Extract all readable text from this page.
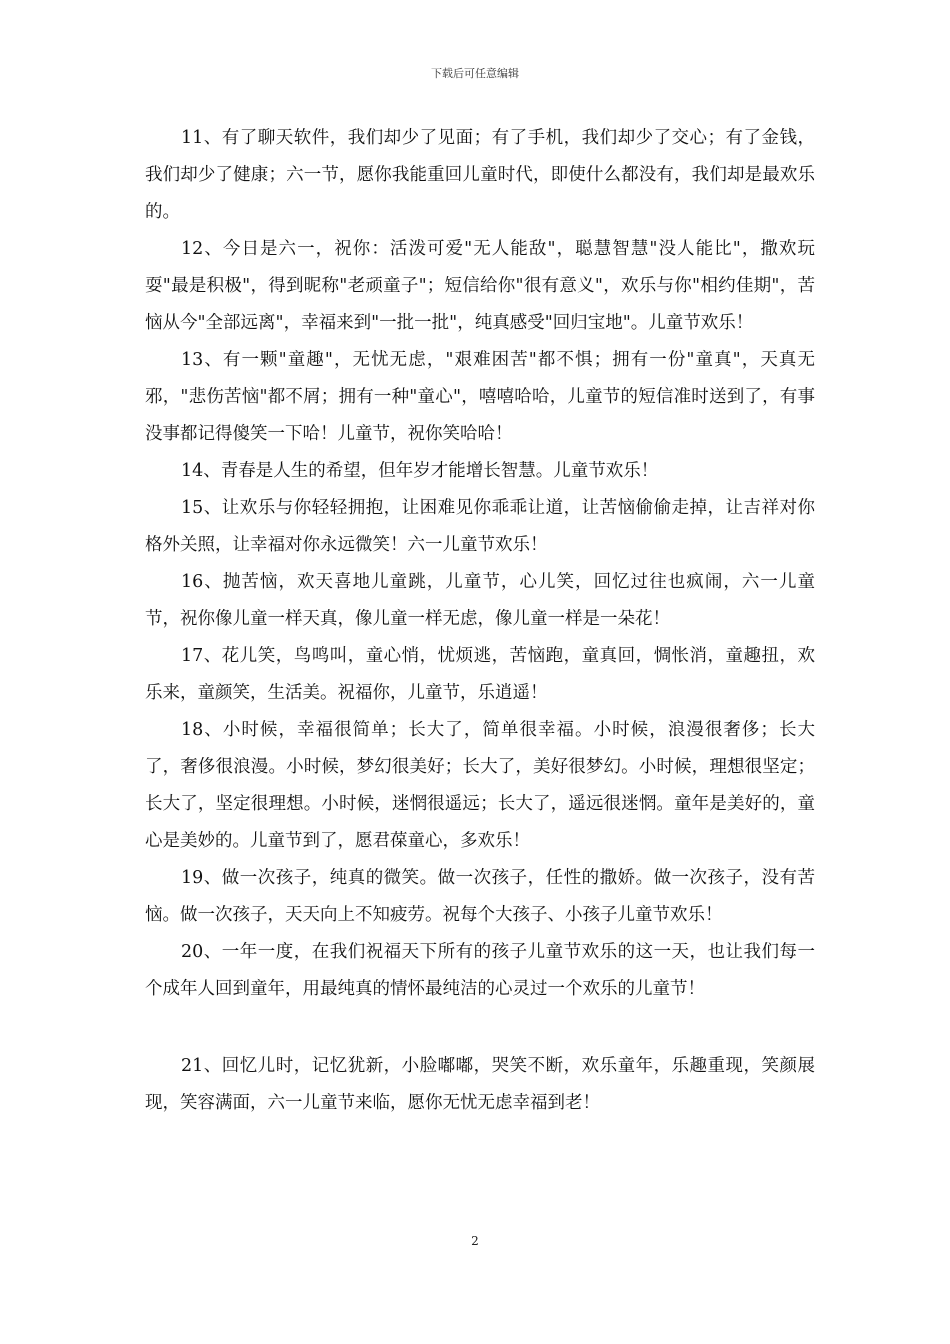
下载后可任意编辑

11、有了聊天软件，我们却少了见面；有了手机，我们却少了交心；有了金钱，我们却少了健康；六一节，愿你我能重回儿童时代，即使什么都没有，我们却是最欢乐的。

12、今日是六一，祝你：活泼可爱"无人能敌"，聪慧智慧"没人能比"，撒欢玩耍"最是积极"，得到昵称"老顽童子"；短信给你"很有意义"，欢乐与你"相约佳期"，苦恼从今"全部远离"，幸福来到"一批一批"，纯真感受"回归宝地"。儿童节欢乐！

13、有一颗"童趣"，无忧无虑，"艰难困苦"都不惧；拥有一份"童真"，天真无邪，"悲伤苦恼"都不屑；拥有一种"童心"，嘻嘻哈哈，儿童节的短信准时送到了，有事没事都记得傻笑一下哈！儿童节，祝你笑哈哈！

14、青春是人生的希望，但年岁才能增长智慧。儿童节欢乐！

15、让欢乐与你轻轻拥抱，让困难见你乖乖让道，让苦恼偷偷走掉，让吉祥对你格外关照，让幸福对你永远微笑！六一儿童节欢乐！

16、抛苦恼，欢天喜地儿童跳，儿童节，心儿笑，回忆过往也疯闹，六一儿童节，祝你像儿童一样天真，像儿童一样无虑，像儿童一样是一朵花！

17、花儿笑，鸟鸣叫，童心悄，忧烦逃，苦恼跑，童真回，惆怅消，童趣扭，欢乐来，童颜笑，生活美。祝福你，儿童节，乐逍遥！

18、小时候，幸福很简单；长大了，简单很幸福。小时候，浪漫很奢侈；长大了，奢侈很浪漫。小时候，梦幻很美好；长大了，美好很梦幻。小时候，理想很坚定；长大了，坚定很理想。小时候，迷惘很遥远；长大了，遥远很迷惘。童年是美好的，童心是美妙的。儿童节到了，愿君葆童心，多欢乐！

19、做一次孩子，纯真的微笑。做一次孩子，任性的撒娇。做一次孩子，没有苦恼。做一次孩子，天天向上不知疲劳。祝每个大孩子、小孩子儿童节欢乐！

20、一年一度，在我们祝福天下所有的孩子儿童节欢乐的这一天，也让我们每一个成年人回到童年，用最纯真的情怀最纯洁的心灵过一个欢乐的儿童节！

21、回忆儿时，记忆犹新，小脸嘟嘟，哭笑不断，欢乐童年，乐趣重现，笑颜展现，笑容满面，六一儿童节来临，愿你无忧无虑幸福到老！

2
